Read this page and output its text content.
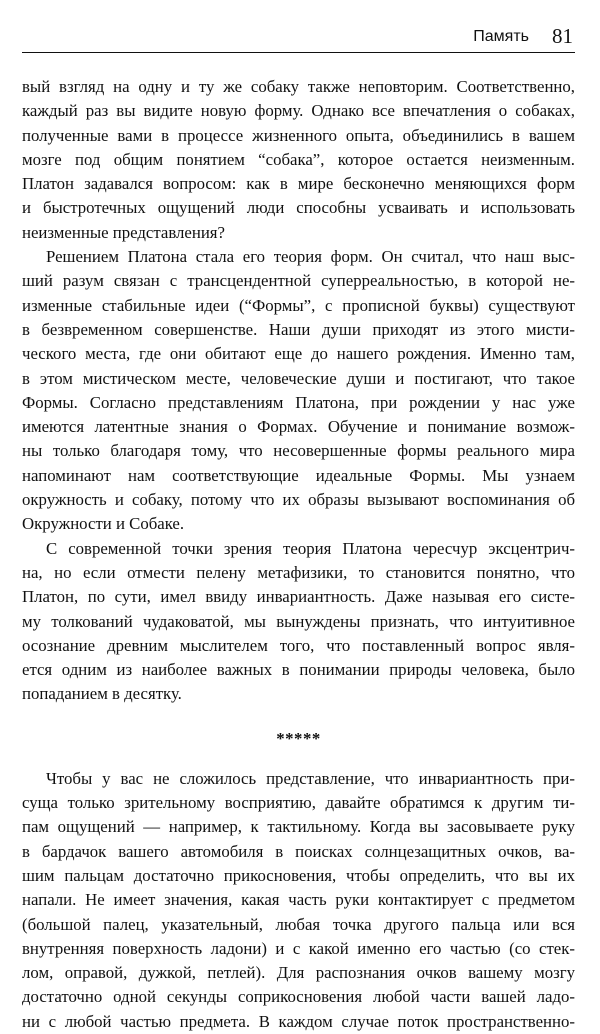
Память 81
вый взгляд на одну и ту же собаку также неповторим. Соответственно,
каждый раз вы видите новую форму. Однако все впечатления о собаках,
полученные вами в процессе жизненного опыта, объединились в вашем
мозге под общим понятием “собака”, которое остается неизменным.
Платон задавался вопросом: как в мире бесконечно меняющихся форм
и быстротечных ощущений люди способны усваивать и использовать
неизменные представления?
Решением Платона стала его теория форм. Он считал, что наш выс-
ший разум связан с трансцендентной суперреальностью, в которой не-
изменные стабильные идеи (“Формы”, с прописной буквы) существуют
в безвременном совершенстве. Наши души приходят из этого мисти-
ческого места, где они обитают еще до нашего рождения. Именно там,
в этом мистическом месте, человеческие души и постигают, что такое
Формы. Согласно представлениям Платона, при рождении у нас уже
имеются латентные знания о Формах. Обучение и понимание возмож-
ны только благодаря тому, что несовершенные формы реального мира
напоминают нам соответствующие идеальные Формы. Мы узнаем
окружность и собаку, потому что их образы вызывают воспоминания об
Окружности и Собаке.
С современной точки зрения теория Платона чересчур эксцентрич-
на, но если отмести пелену метафизики, то становится понятно, что
Платон, по сути, имел ввиду инвариантность. Даже называя его систе-
му толкований чудаковатой, мы вынуждены признать, что интуитивное
осознание древним мыслителем того, что поставленный вопрос явля-
ется одним из наиболее важных в понимании природы человека, было
попаданием в десятку.
*****
Чтобы у вас не сложилось представление, что инвариантность при-
суща только зрительному восприятию, давайте обратимся к другим ти-
пам ощущений — например, к тактильному. Когда вы засовываете руку
в бардачок вашего автомобиля в поисках солнцезащитных очков, ва-
шим пальцам достаточно прикосновения, чтобы определить, что вы их
напали. Не имеет значения, какая часть руки контактирует с предметом
(большой палец, указательный, любая точка другого пальца или вся
внутренняя поверхность ладони) и с какой именно его частью (со стек-
лом, оправой, дужкой, петлей). Для распознания очков вашему мозгу
достаточно одной секунды соприкосновения любой части вашей ладо-
ни с любой частью предмета. В каждом случае поток пространственно-
